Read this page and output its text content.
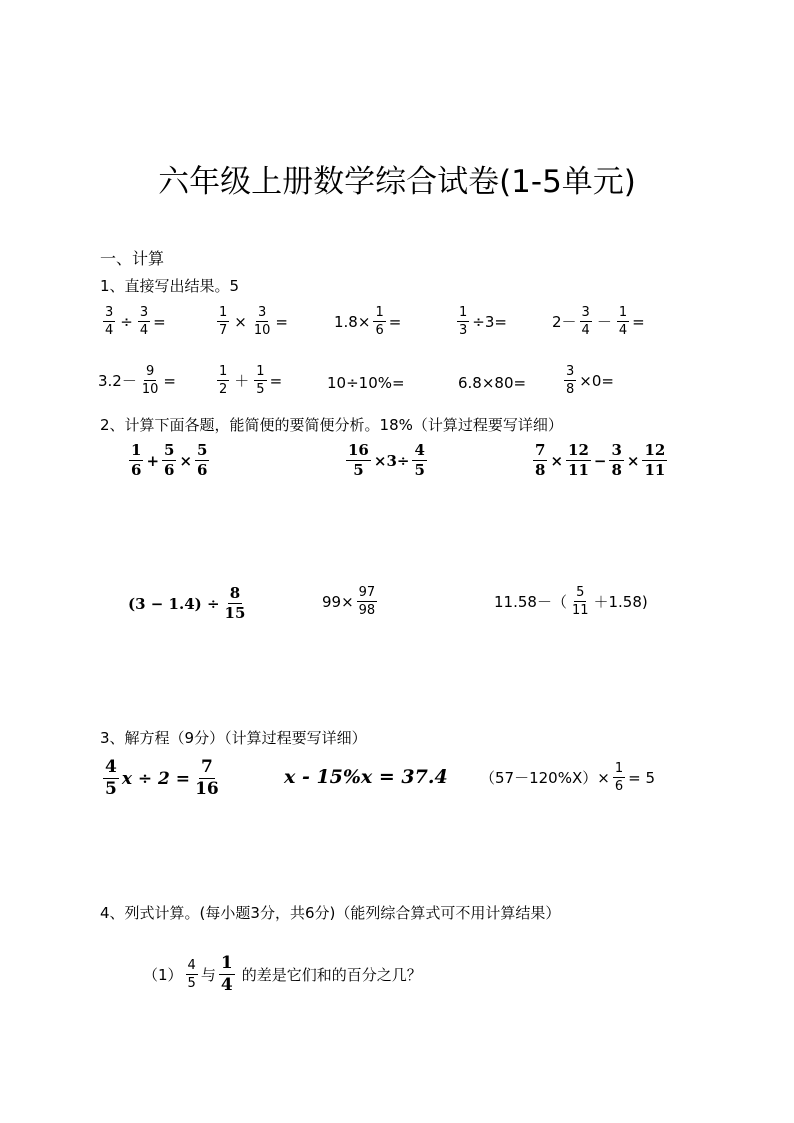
六年级上册数学综合试卷(1-5单元)
一、计算
1、直接写出结果。5
$\frac{3}{4} \div \frac{3}{4}$ =	$\frac{1}{7} \times \frac{3}{10}$ =	$1.8\times \frac{1}{6}$ =	$\frac{1}{3} \div 3=$	$2- \frac{3}{4} - \frac{1}{4}$ =
$3.2- \frac{9}{10}$ =	$\frac{1}{2} + \frac{1}{5}$ =	10÷10%=	6.8×80=	$\frac{3}{8} \times 0=$
2、计算下面各题，能简便的要简便分析。18%（计算过程要写详细）
$\frac{1}{6} + \frac{5}{6} \times \frac{5}{6}$	$\frac{16}{5} \times 3\div \frac{4}{5}$	$\frac{7}{8} \times \frac{12}{11} - \frac{3}{8} \times \frac{12}{11}$
$(3 - 1.4) \div \frac{8}{15}$	$99\times \frac{97}{98}$	$11.58-( \frac{5}{11} +1.58)$
3、解方程（9分）（计算过程要写详细）
$\frac{4}{5}$ $x \div 2 = \frac{7}{16}$	x - 15%x = 37.4 $(57-120\%X)\times \frac{1}{6} = 5$
4、列式计算。(每小题3分，共6分)（能列综合算式可不用计算结果）
$(1) \frac{4}{5}$ 与 $\frac{1}{4}$ 的差是它们和的百分之几？
